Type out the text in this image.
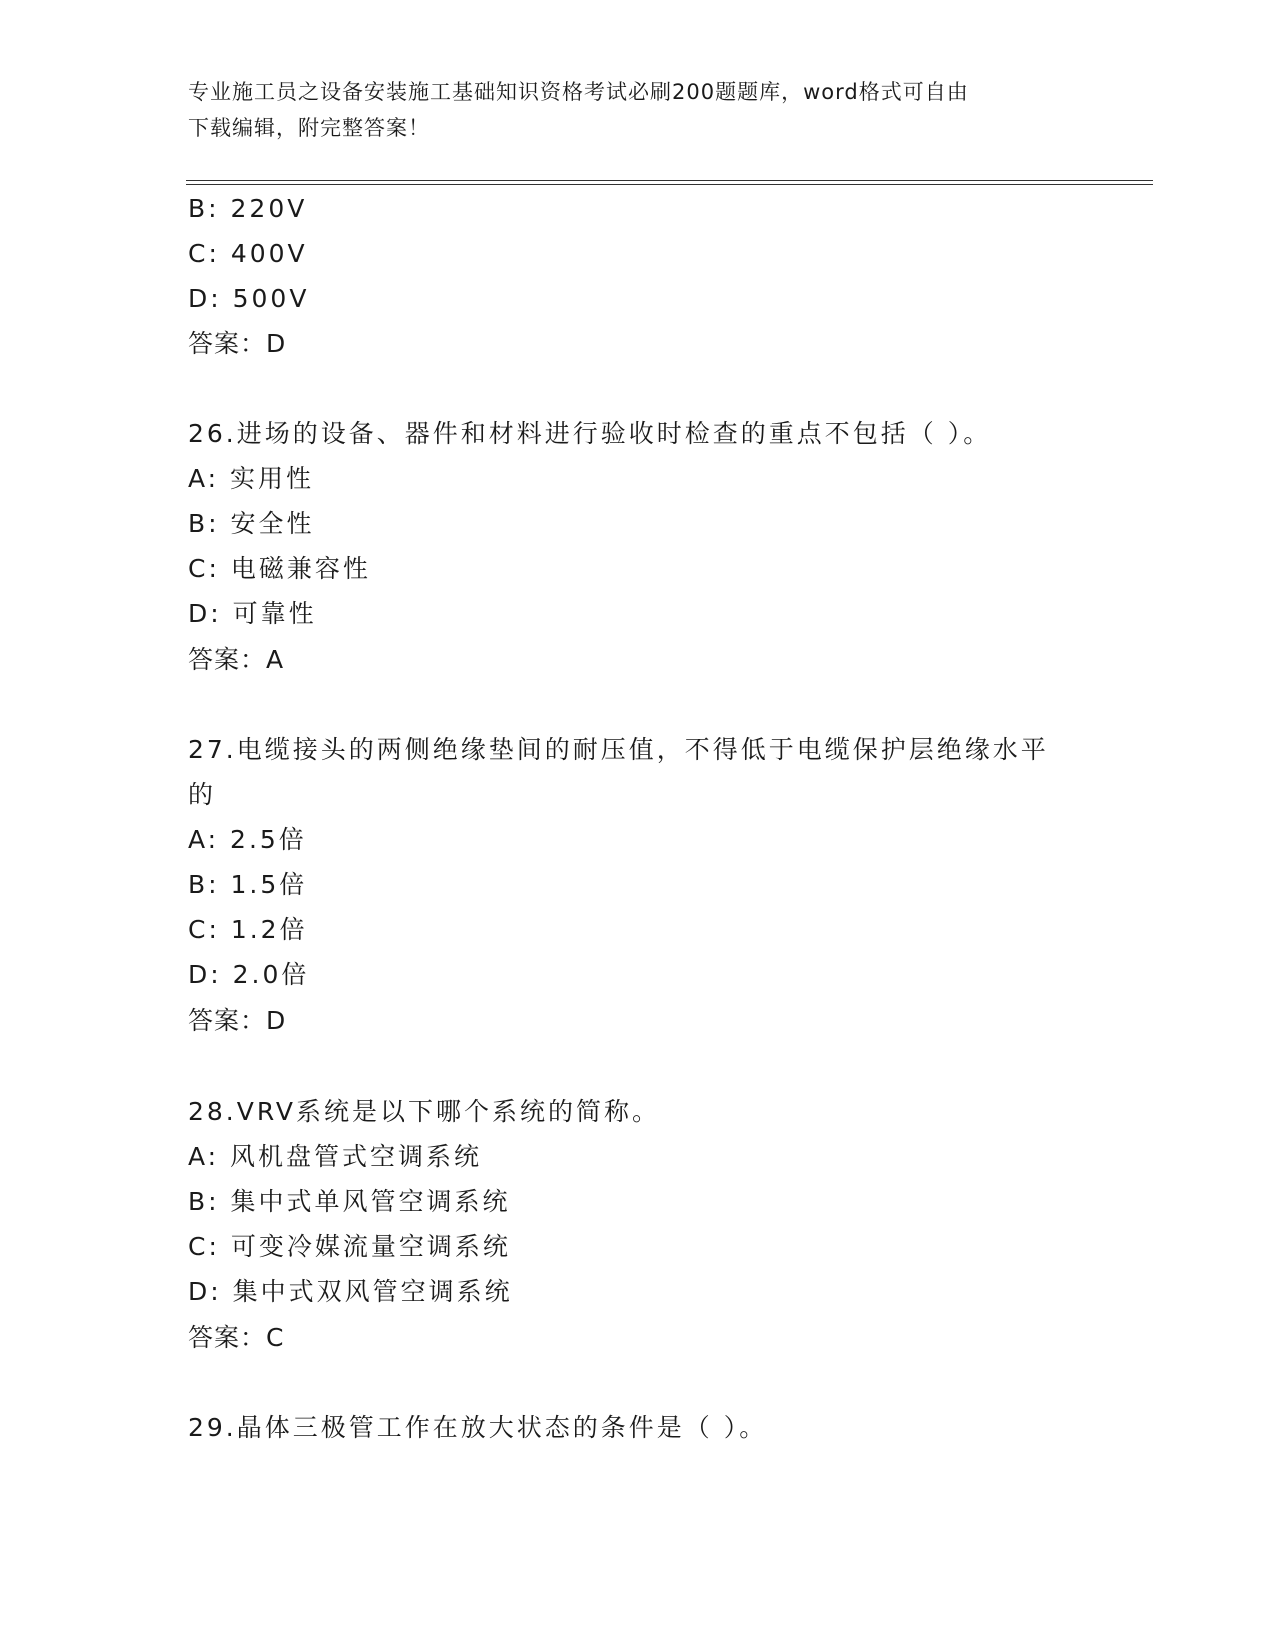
专业施工员之设备安装施工基础知识资格考试必刷200题题库，word格式可自由
下载编辑，附完整答案！
B: 220V
C: 400V
D: 500V
答案：D
26.进场的设备、器件和材料进行验收时检查的重点不包括（ ）。
A: 实用性
B: 安全性
C: 电磁兼容性
D: 可靠性
答案：A
27.电缆接头的两侧绝缘垫间的耐压值，不得低于电缆保护层绝缘水平
的
A: 2.5倍
B: 1.5倍
C: 1.2倍
D: 2.0倍
答案：D
28.VRV系统是以下哪个系统的简称。
A: 风机盘管式空调系统
B: 集中式单风管空调系统
C: 可变冷媒流量空调系统
D: 集中式双风管空调系统
答案：C
29.晶体三极管工作在放大状态的条件是（ ）。
